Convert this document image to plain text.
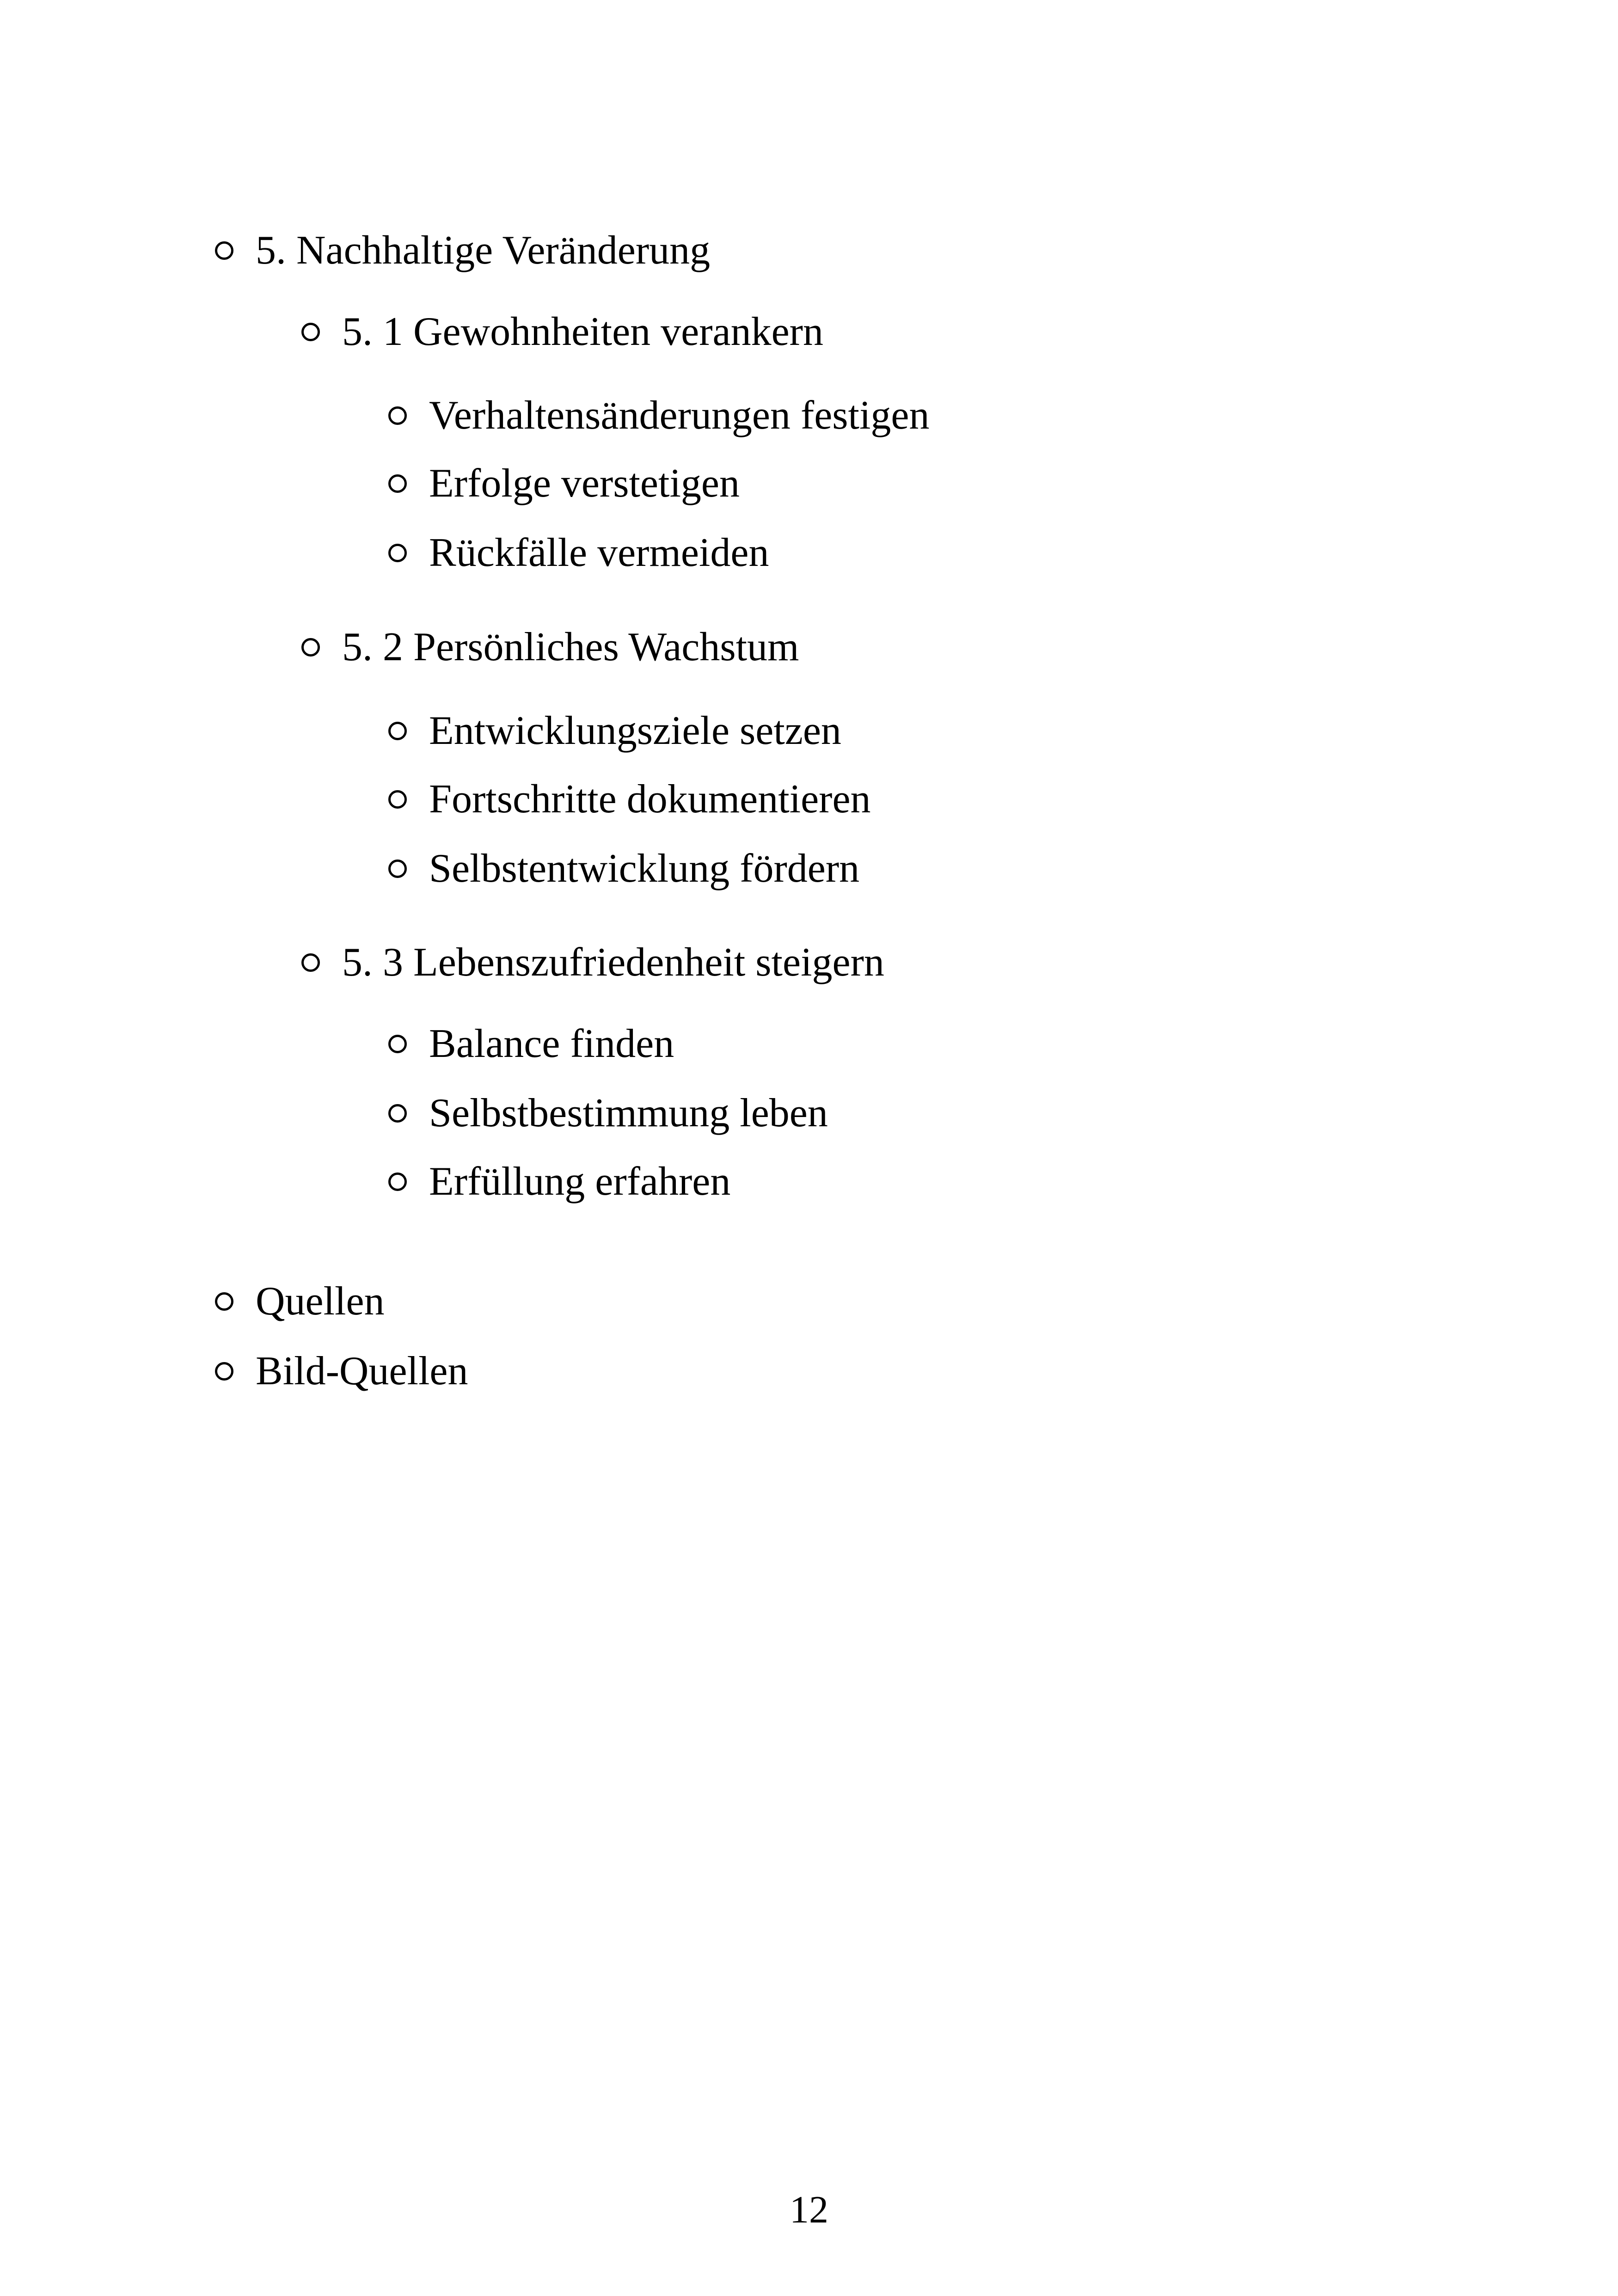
5. Nachhaltige Veränderung
5. 1 Gewohnheiten verankern
Verhaltensänderungen festigen
Erfolge verstetigen
Rückfälle vermeiden
5. 2 Persönliches Wachstum
Entwicklungsziele setzen
Fortschritte dokumentieren
Selbstentwicklung fördern
5. 3 Lebenszufriedenheit steigern
Balance finden
Selbstbestimmung leben
Erfüllung erfahren
Quellen
Bild-Quellen
12
